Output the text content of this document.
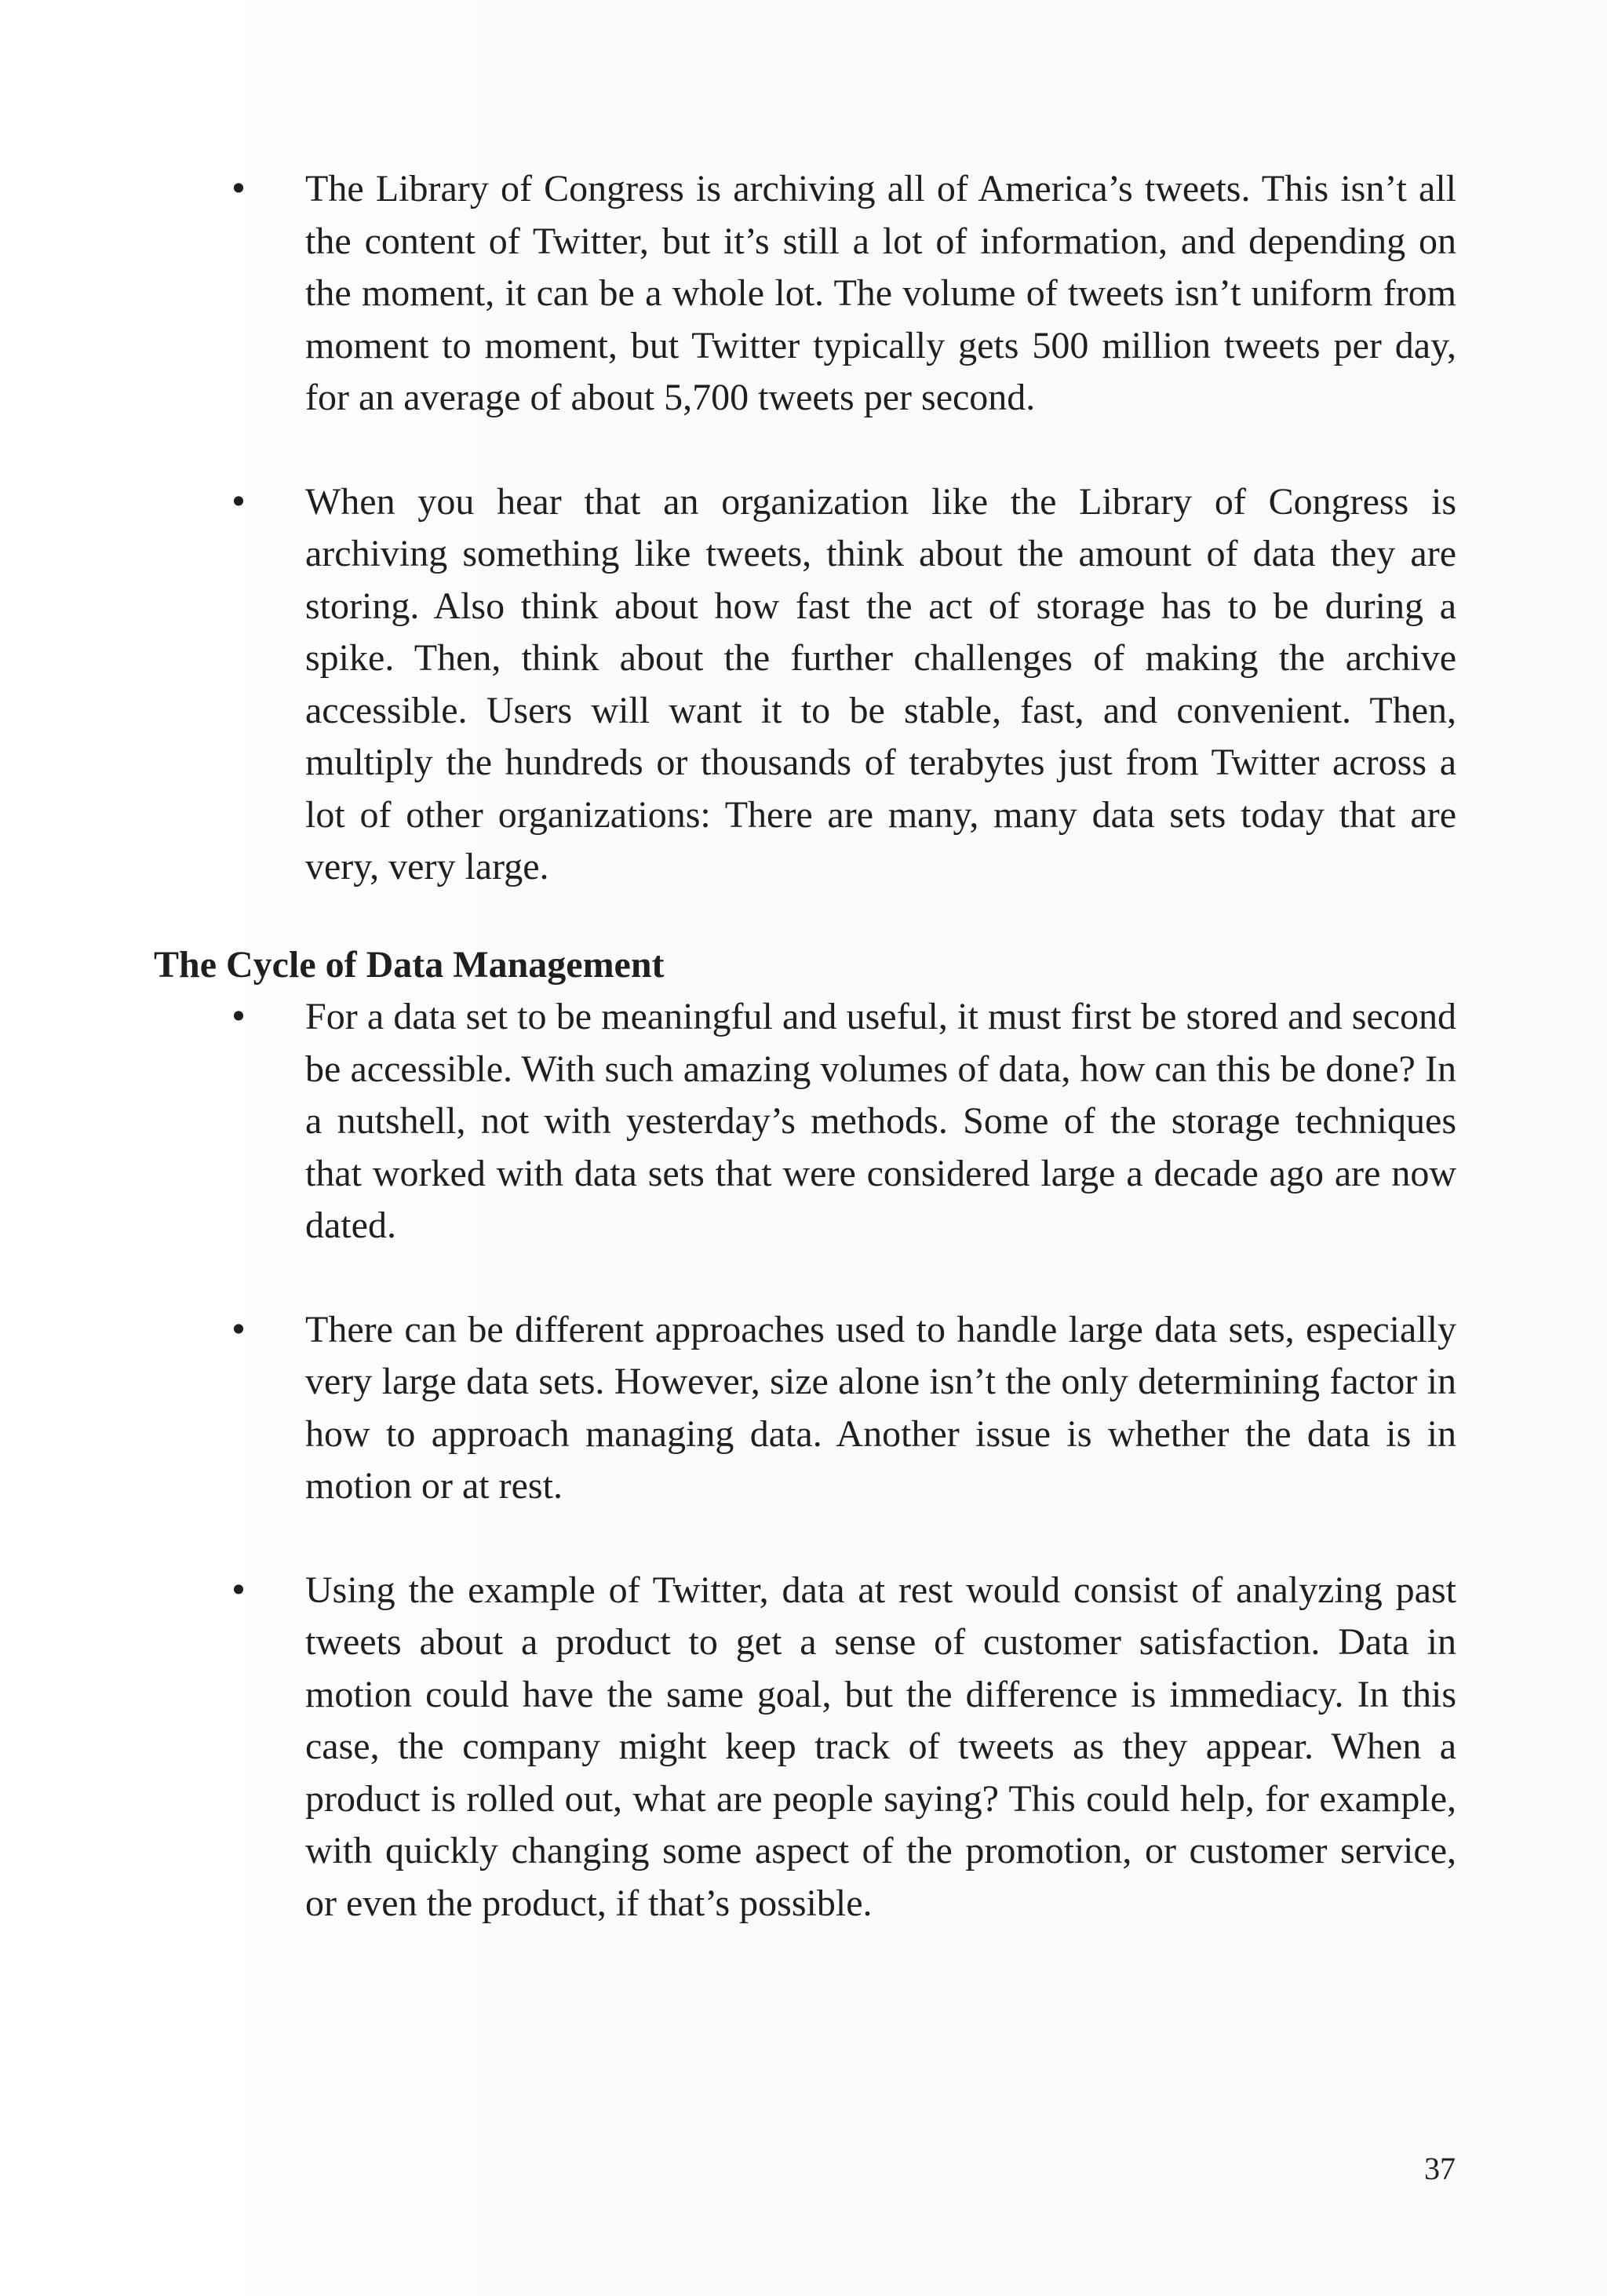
• The Library of Congress is archiving all of America’s tweets. This isn’t all the content of Twitter, but it’s still a lot of information, and depending on the moment, it can be a whole lot. The volume of tweets isn’t uniform from moment to moment, but Twitter typically gets 500 million tweets per day, for an average of about 5,700 tweets per second.
• When you hear that an organization like the Library of Congress is archiving something like tweets, think about the amount of data they are storing. Also think about how fast the act of storage has to be during a spike. Then, think about the further challenges of making the archive accessible. Users will want it to be stable, fast, and convenient. Then, multiply the hundreds or thousands of terabytes just from Twitter across a lot of other organizations: There are many, many data sets today that are very, very large.
The Cycle of Data Management
• For a data set to be meaningful and useful, it must first be stored and second be accessible. With such amazing volumes of data, how can this be done? In a nutshell, not with yesterday’s methods. Some of the storage techniques that worked with data sets that were considered large a decade ago are now dated.
• There can be different approaches used to handle large data sets, especially very large data sets. However, size alone isn’t the only determining factor in how to approach managing data. Another issue is whether the data is in motion or at rest.
• Using the example of Twitter, data at rest would consist of analyzing past tweets about a product to get a sense of customer satisfaction. Data in motion could have the same goal, but the difference is immediacy. In this case, the company might keep track of tweets as they appear. When a product is rolled out, what are people saying? This could help, for example, with quickly changing some aspect of the promotion, or customer service, or even the product, if that’s possible.
37
